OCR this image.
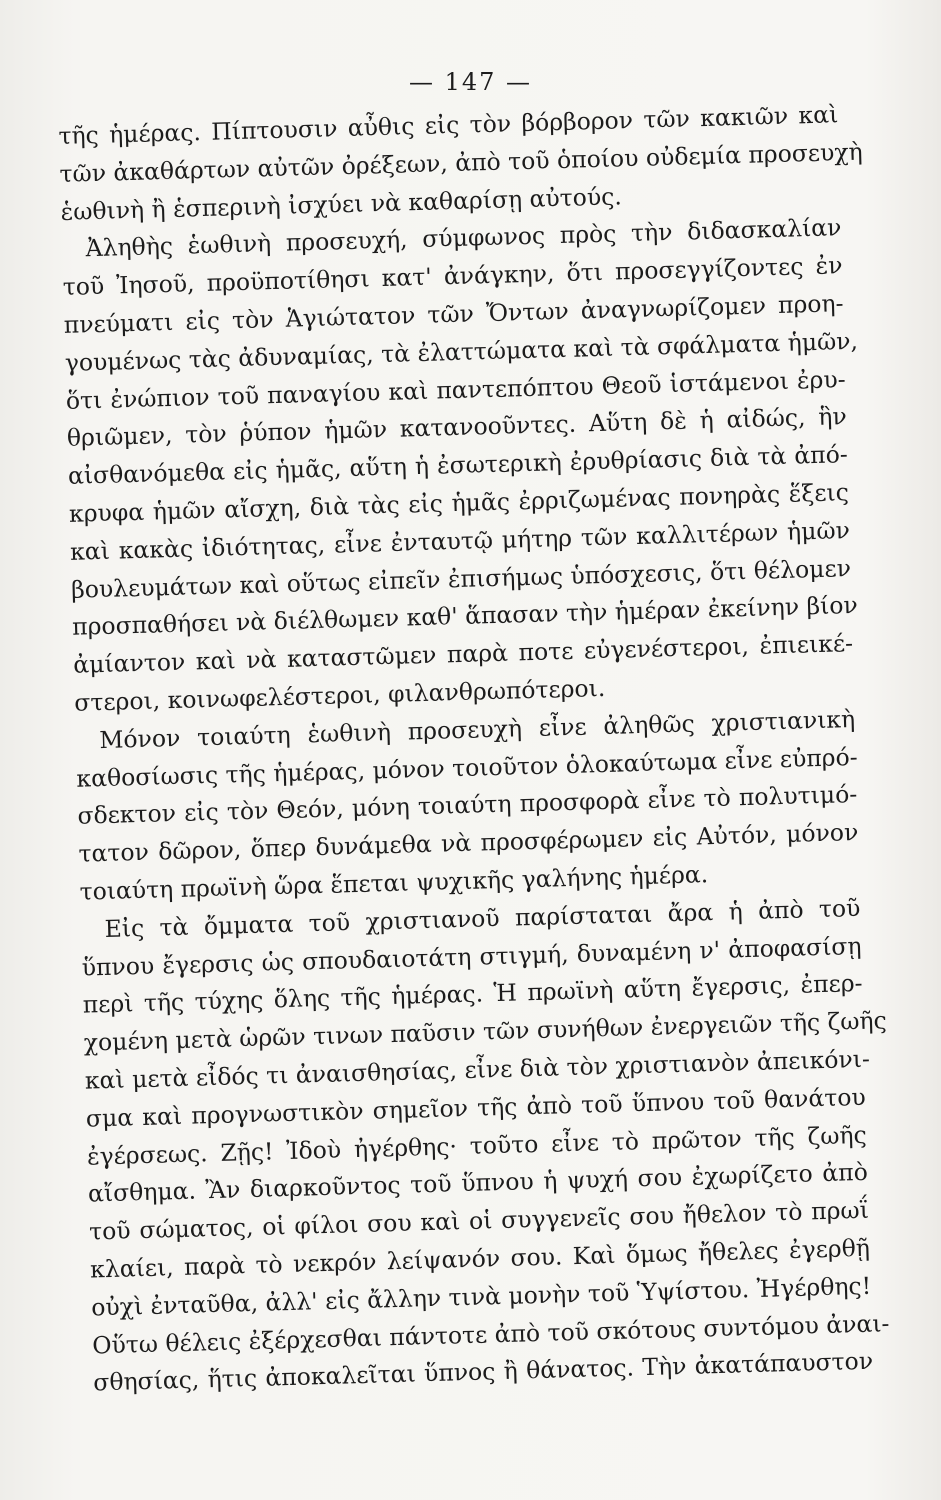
— 147 —
τῆς ἡμέρας. Πίπτουσιν αὖθις εἰς τὸν βόρβορον τῶν κακιῶν καὶ
τῶν ἀκαθάρτων αὐτῶν ὀρέξεων, ἀπὸ τοῦ ὁποίου οὐδεμία προσευχὴ
ἑωθινὴ ἢ ἑσπερινὴ ἰσχύει νὰ καθαρίσῃ αὐτούς.
Ἀληθὴς ἑωθινὴ προσευχή, σύμφωνος πρὸς τὴν διδασκαλίαν
τοῦ Ἰησοῦ, προϋποτίθησι κατ' ἀνάγκην, ὅτι προσεγγίζοντες ἐν
πνεύματι εἰς τὸν Ἁγιώτατον τῶν Ὄντων ἀναγνωρίζομεν προη-
γουμένως τὰς ἀδυναμίας, τὰ ἐλαττώματα καὶ τὰ σφάλματα ἡμῶν,
ὅτι ἐνώπιον τοῦ παναγίου καὶ παντεπόπτου Θεοῦ ἱστάμενοι ἐρυ-
θριῶμεν, τὸν ῥύπον ἡμῶν κατανοοῦντες. Αὕτη δὲ ἡ αἰδώς, ἣν
αἰσθανόμεθα εἰς ἡμᾶς, αὕτη ἡ ἐσωτερικὴ ἐρυθρίασις διὰ τὰ ἀπό-
κρυφα ἡμῶν αἴσχη, διὰ τὰς εἰς ἡμᾶς ἐρριζωμένας πονηρὰς ἕξεις
καὶ κακὰς ἰδιότητας, εἶνε ἐνταυτῷ μήτηρ τῶν καλλιτέρων ἡμῶν
βουλευμάτων καὶ οὕτως εἰπεῖν ἐπισήμως ὑπόσχεσις, ὅτι θέλομεν
προσπαθήσει νὰ διέλθωμεν καθ' ἅπασαν τὴν ἡμέραν ἐκείνην βίον
ἀμίαντον καὶ νὰ καταστῶμεν παρὰ ποτε εὐγενέστεροι, ἐπιεικέ-
στεροι, κοινωφελέστεροι, φιλανθρωπότεροι.
Μόνον τοιαύτη ἑωθινὴ προσευχὴ εἶνε ἀληθῶς χριστιανικὴ
καθοσίωσις τῆς ἡμέρας, μόνον τοιοῦτον ὁλοκαύτωμα εἶνε εὐπρό-
σδεκτον εἰς τὸν Θεόν, μόνη τοιαύτη προσφορὰ εἶνε τὸ πολυτιμό-
τατον δῶρον, ὅπερ δυνάμεθα νὰ προσφέρωμεν εἰς Αὐτόν, μόνον
τοιαύτη πρωϊνὴ ὥρα ἕπεται ψυχικῆς γαλήνης ἡμέρα.
Εἰς τὰ ὄμματα τοῦ χριστιανοῦ παρίσταται ἄρα ἡ ἀπὸ τοῦ
ὕπνου ἔγερσις ὡς σπουδαιοτάτη στιγμή, δυναμένη ν' ἀποφασίσῃ
περὶ τῆς τύχης ὅλης τῆς ἡμέρας. Ἡ πρωϊνὴ αὕτη ἔγερσις, ἐπερ-
χομένη μετὰ ὡρῶν τινων παῦσιν τῶν συνήθων ἐνεργειῶν τῆς ζωῆς
καὶ μετὰ εἶδός τι ἀναισθησίας, εἶνε διὰ τὸν χριστιανὸν ἀπεικόνι-
σμα καὶ προγνωστικὸν σημεῖον τῆς ἀπὸ τοῦ ὕπνου τοῦ θανάτου
ἐγέρσεως. Ζῇς! Ἰδοὺ ἠγέρθης· τοῦτο εἶνε τὸ πρῶτον τῆς ζωῆς
αἴσθημα. Ἂν διαρκοῦντος τοῦ ὕπνου ἡ ψυχή σου ἐχωρίζετο ἀπὸ
τοῦ σώματος, οἱ φίλοι σου καὶ οἱ συγγενεῖς σου ἤθελον τὸ πρωΐ
κλαίει, παρὰ τὸ νεκρόν λείψανόν σου. Καὶ ὅμως ἤθελες ἐγερθῇ
οὐχὶ ἐνταῦθα, ἀλλ' εἰς ἄλλην τινὰ μονὴν τοῦ Ὑψίστου. Ἠγέρθης!
Οὕτω θέλεις ἐξέρχεσθαι πάντοτε ἀπὸ τοῦ σκότους συντόμου ἀναι-
σθησίας, ἥτις ἀποκαλεῖται ὕπνος ἢ θάνατος. Τὴν ἀκατάπαυστον
